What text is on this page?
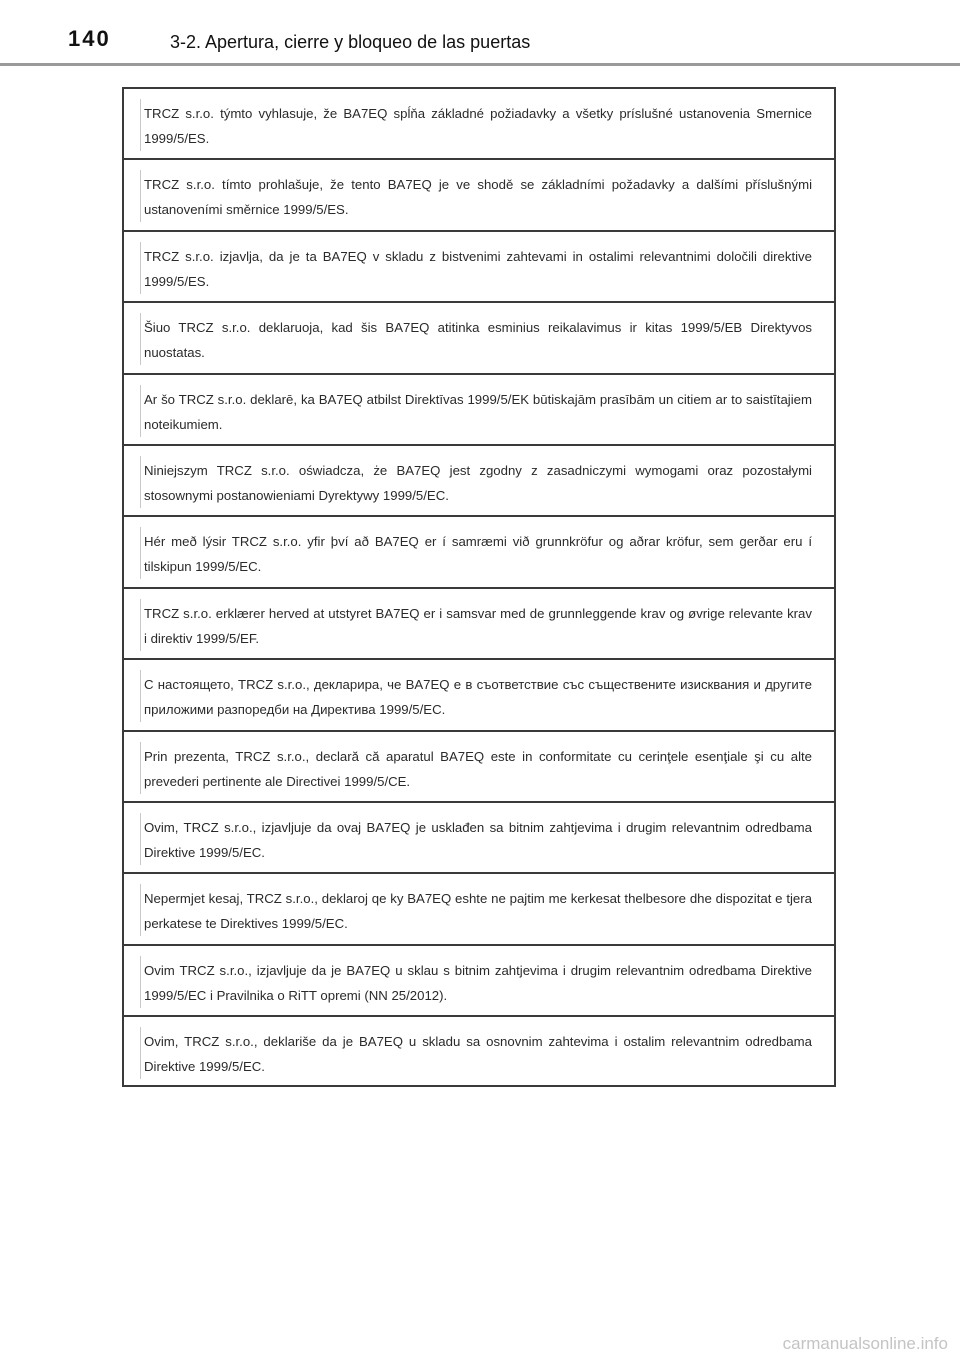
140	3-2. Apertura, cierre y bloqueo de las puertas
TRCZ s.r.o. týmto vyhlasuje, že BA7EQ spĺňa základné požiadavky a všetky príslušné ustanovenia Smernice 1999/5/ES.
TRCZ s.r.o. tímto prohlašuje, že tento BA7EQ je ve shodě se základními požadavky a dalšími příslušnými ustanoveními směrnice 1999/5/ES.
TRCZ s.r.o. izjavlja, da je ta BA7EQ v skladu z bistvenimi zahtevami in ostalimi relevantnimi določili direktive 1999/5/ES.
Šiuo TRCZ s.r.o. deklaruoja, kad šis BA7EQ atitinka esminius reikalavimus ir kitas 1999/5/EB Direktyvos nuostatas.
Ar šo TRCZ s.r.o. deklarē, ka BA7EQ atbilst Direktīvas 1999/5/EK būtiskajām prasībām un citiem ar to saistītajiem noteikumiem.
Niniejszym TRCZ s.r.o. oświadcza, że BA7EQ jest zgodny z zasadniczymi wymogami oraz pozostałymi stosownymi postanowieniami Dyrektywy 1999/5/EC.
Hér með lýsir TRCZ s.r.o. yfir því að BA7EQ er í samræmi við grunnkröfur og aðrar kröfur, sem gerðar eru í tilskipun 1999/5/EC.
TRCZ s.r.o. erklærer herved at utstyret BA7EQ er i samsvar med de grunnleggende krav og øvrige relevante krav i direktiv 1999/5/EF.
С настоящето, TRCZ s.r.o., декларира, че BA7EQ е в съответствие със съществените изисквания и другите приложими разпоредби на Директива 1999/5/ЕС.
Prin prezenta, TRCZ s.r.o., declară că aparatul BA7EQ este in conformitate cu cerinţele esenţiale şi cu alte prevederi pertinente ale Directivei 1999/5/CE.
Ovim, TRCZ s.r.o., izjavljuje da ovaj BA7EQ je usklađen sa bitnim zahtjevima i drugim relevantnim odredbama Direktive 1999/5/EC.
Nepermjet kesaj, TRCZ s.r.o., deklaroj qe ky BA7EQ eshte ne pajtim me kerkesat thelbesore dhe dispozitat e tjera perkatese te Direktives 1999/5/EC.
Ovim TRCZ s.r.o., izjavljuje da je BA7EQ u sklau s bitnim zahtjevima i drugim relevantnim odredbama Direktive 1999/5/EC i Pravilnika o RiTT opremi (NN 25/2012).
Ovim, TRCZ s.r.o., deklariše da je BA7EQ u skladu sa osnovnim zahtevima i ostalim relevantnim odredbama Direktive 1999/5/EC.
carmanualsonline.info
